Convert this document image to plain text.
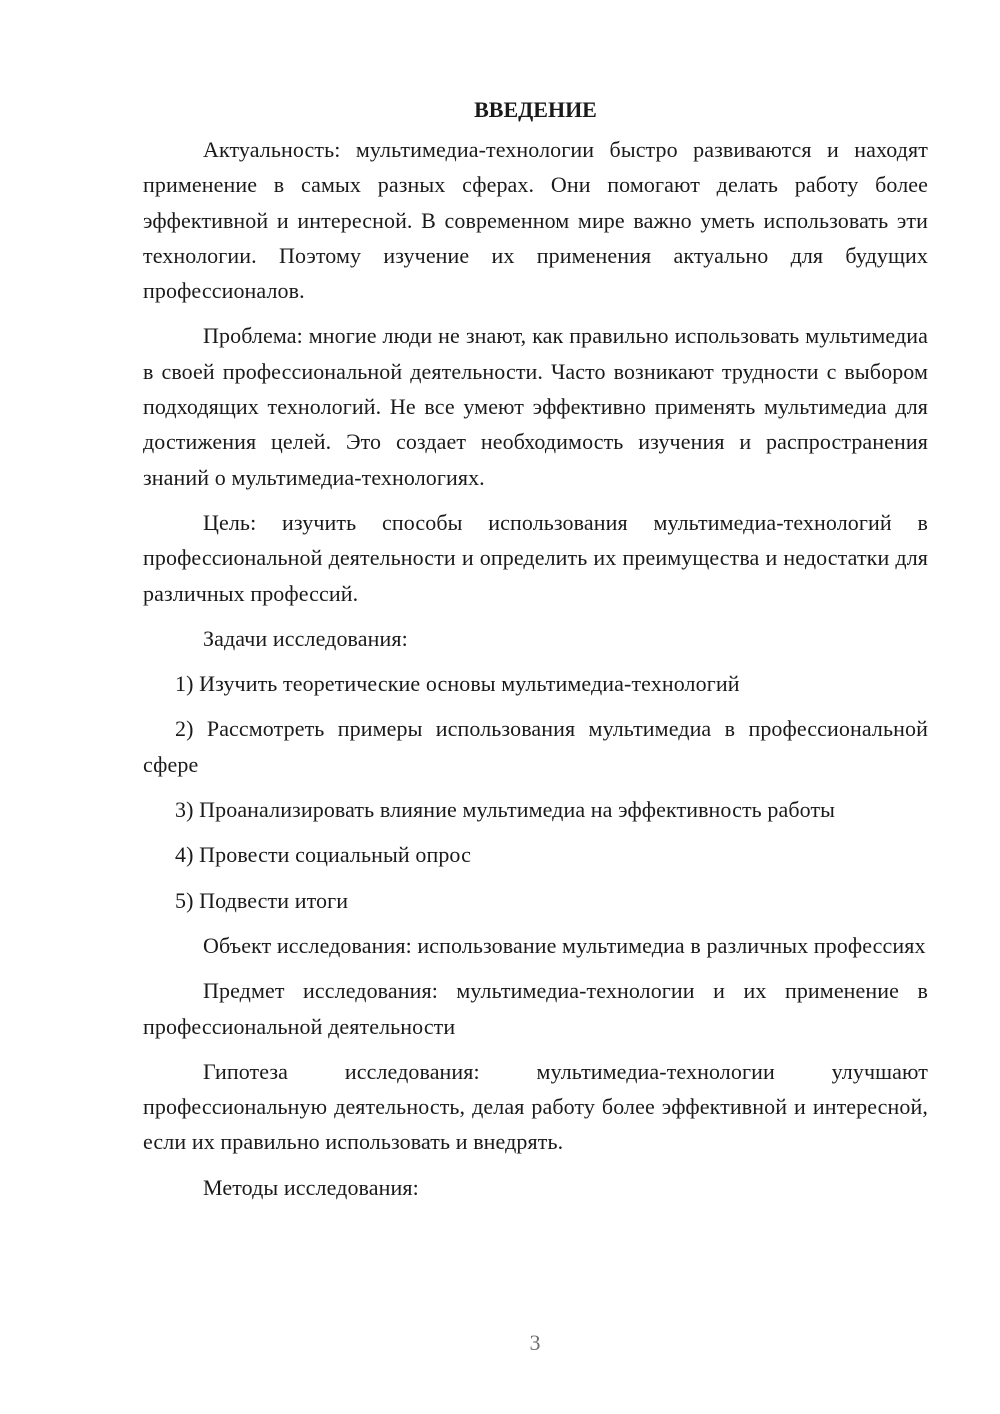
ВВЕДЕНИЕ

Актуальность: мультимедиа-технологии быстро развиваются и находят применение в самых разных сферах. Они помогают делать работу более эффективной и интересной. В современном мире важно уметь использовать эти технологии. Поэтому изучение их применения актуально для будущих профессионалов.

Проблема: многие люди не знают, как правильно использовать мультимедиа в своей профессиональной деятельности. Часто возникают трудности с выбором подходящих технологий. Не все умеют эффективно применять мультимедиа для достижения целей. Это создает необходимость изучения и распространения знаний о мультимедиа-технологиях.

Цель: изучить способы использования мультимедиа-технологий в профессиональной деятельности и определить их преимущества и недостатки для различных профессий.

Задачи исследования:

1) Изучить теоретические основы мультимедиа-технологий

2) Рассмотреть примеры использования мультимедиа в профессиональной сфере

3) Проанализировать влияние мультимедиа на эффективность работы

4) Провести социальный опрос

5) Подвести итоги

Объект исследования: использование мультимедиа в различных профессиях

Предмет исследования: мультимедиа-технологии и их применение в профессиональной деятельности

Гипотеза исследования: мультимедиа-технологии улучшают профессиональную деятельность, делая работу более эффективной и интересной, если их правильно использовать и внедрять.

Методы исследования:

3
